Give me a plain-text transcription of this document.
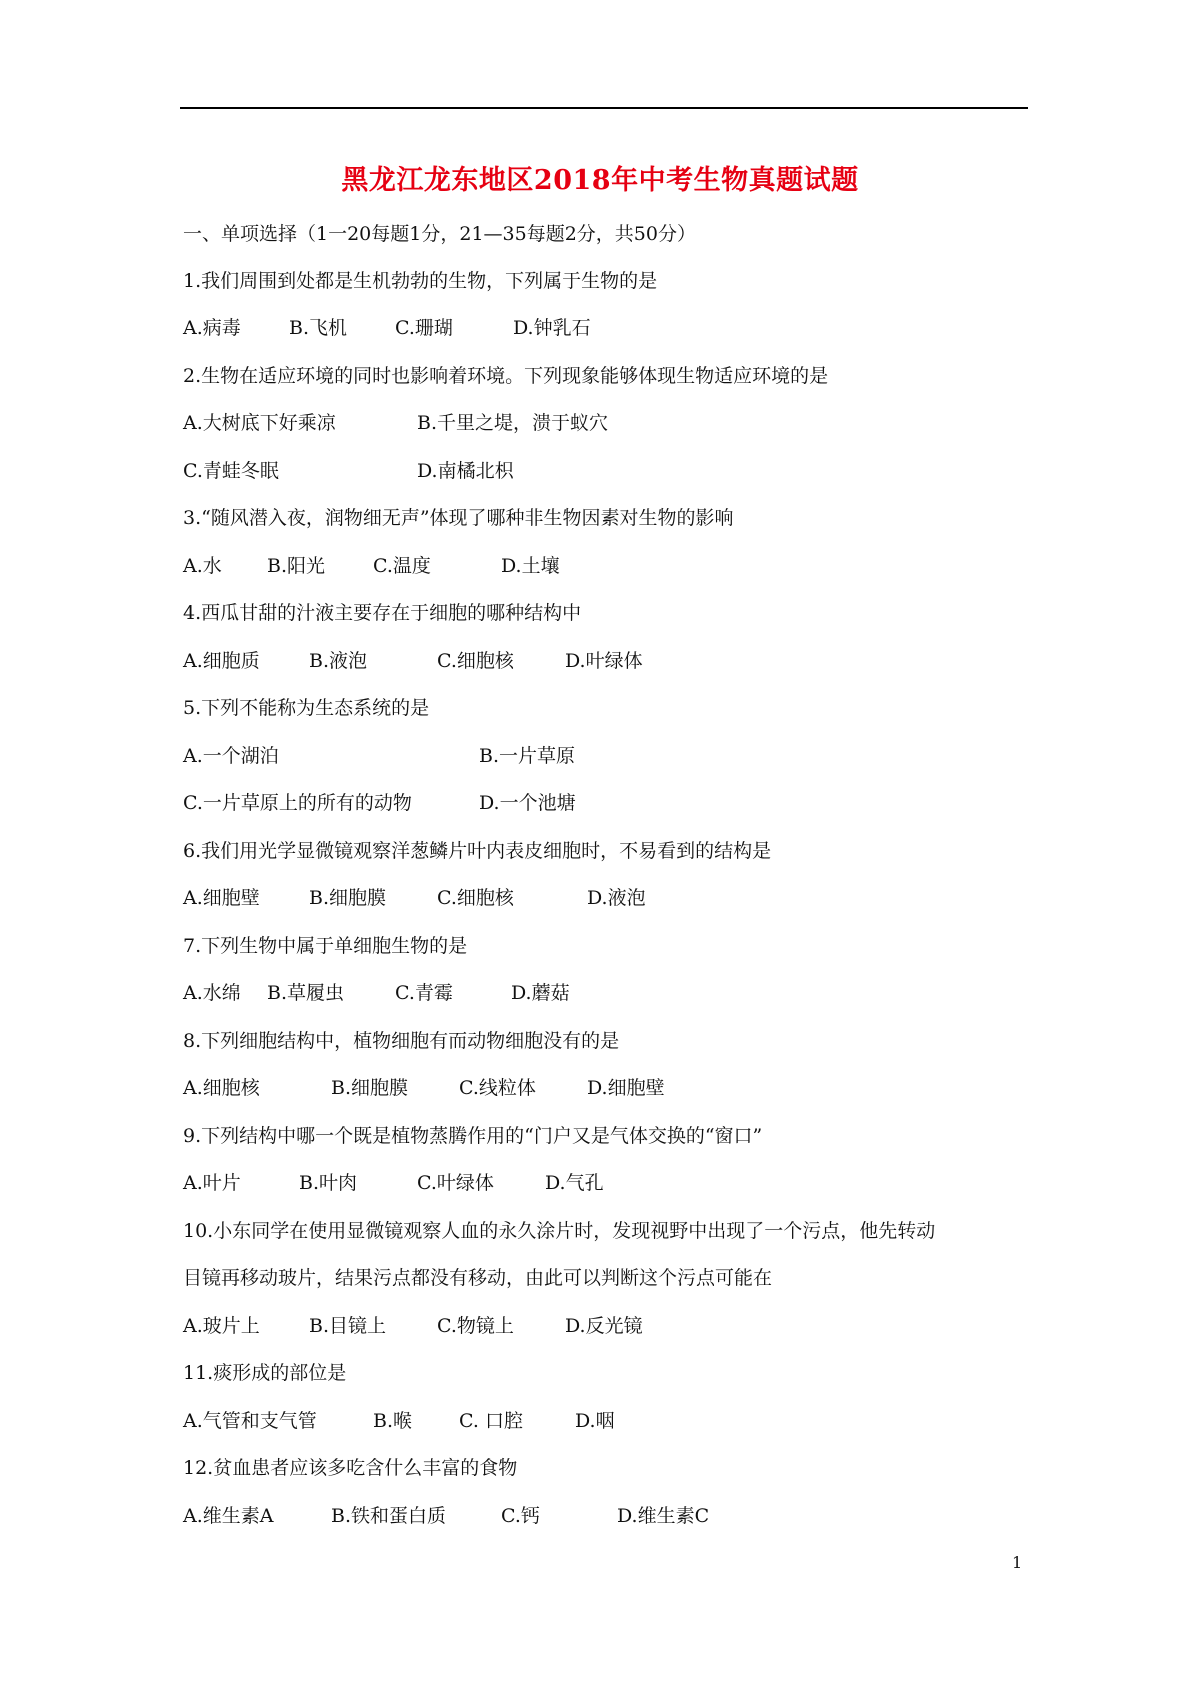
黑龙江龙东地区2018年中考生物真题试题
一、单项选择（1一20每题1分，21—35每题2分，共50分）
1.我们周围到处都是生机勃勃的生物，下列属于生物的是
A.病毒	B.飞机	C.珊瑚	D.钟乳石
2.生物在适应环境的同时也影响着环境。下列现象能够体现生物适应环境的是
A.大树底下好乘凉	B.千里之堤，溃于蚁穴
C.青蛙冬眠	D.南橘北枳
3.“随风潜入夜，润物细无声”体现了哪种非生物因素对生物的影响
A.水 B.阳光	C.温度	D.土壤
4.西瓜甘甜的汁液主要存在于细胞的哪种结构中
A.细胞质	B.液泡	C.细胞核	D.叶绿体
5.下列不能称为生态系统的是
A.一个湖泊	B.一片草原
C.一片草原上的所有的动物	D.一个池塘
6.我们用光学显微镜观察洋葱鳞片叶内表皮细胞时，不易看到的结构是
A.细胞壁	B.细胞膜	C.细胞核	D.液泡
7.下列生物中属于单细胞生物的是
A.水绵 B.草履虫	C.青霉	D.蘑菇
8.下列细胞结构中，植物细胞有而动物细胞没有的是
A.细胞核	B.细胞膜	C.线粒体	D.细胞壁
9.下列结构中哪一个既是植物蒸腾作用的“门户又是气体交换的“窗口”
A.叶片	B.叶肉	C.叶绿体	D.气孔
10.小东同学在使用显微镜观察人血的永久涂片时，发现视野中出现了一个污点，他先转动
目镜再移动玻片，结果污点都没有移动，由此可以判断这个污点可能在
A.玻片上	B.目镜上	C.物镜上	D.反光镜
11.痰形成的部位是
A.气管和支气管	B.喉 C. 口腔	D.咽
12.贫血患者应该多吃含什么丰富的食物
A.维生素A	B.铁和蛋白质	C.钙	D.维生素C
1
